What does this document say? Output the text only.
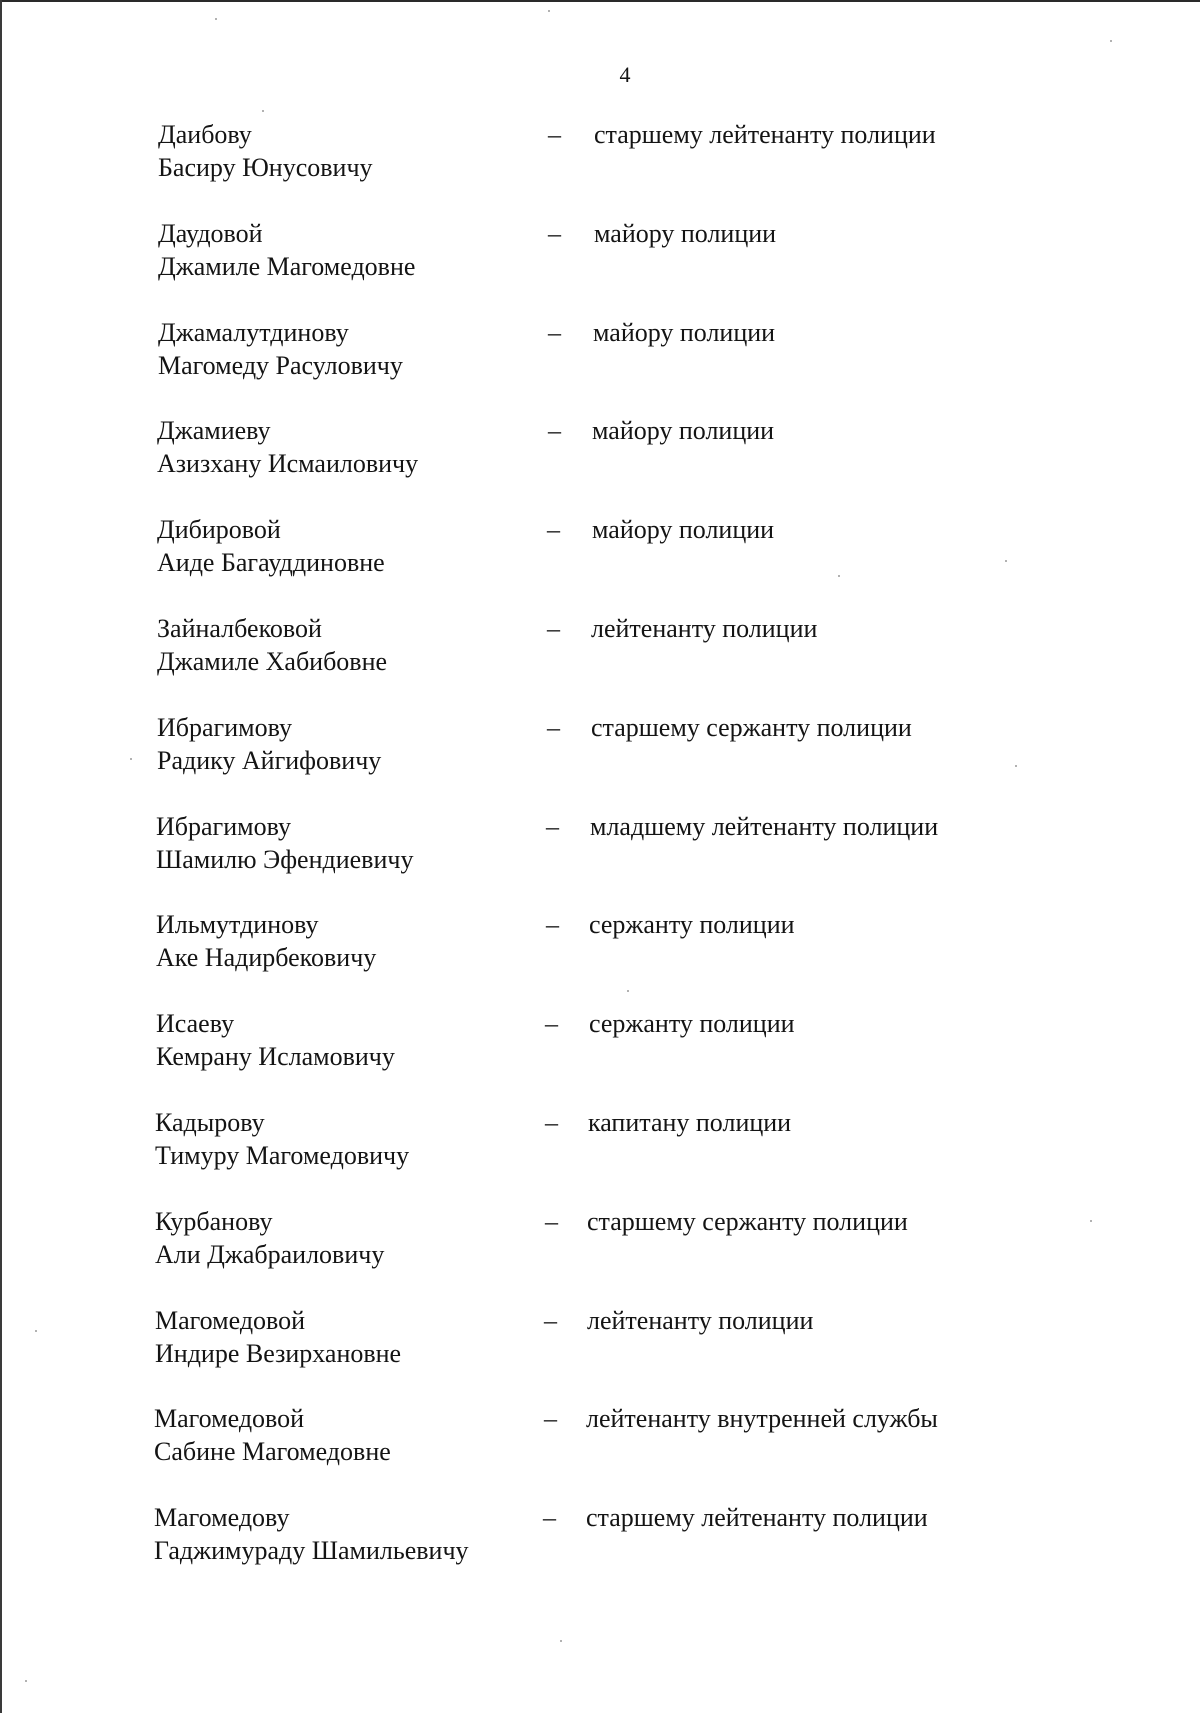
4
Даибову
Басиру Юнусовичу
– старшему лейтенанту полиции
Даудовой
Джамиле Магомедовне
– майору полиции
Джамалутдинову
Магомеду Расуловичу
– майору полиции
Джамиеву
Азизхану Исмаиловичу
– майору полиции
Дибировой
Аиде Багауддиновне
– майору полиции
Зайналбековой
Джамиле Хабибовне
– лейтенанту полиции
Ибрагимову
Радику Айгифовичу
– старшему сержанту полиции
Ибрагимову
Шамилю Эфендиевичу
– младшему лейтенанту полиции
Ильмутдинову
Аке Надирбековичу
– сержанту полиции
Исаеву
Кемрану Исламовичу
– сержанту полиции
Кадырову
Тимуру Магомедовичу
– капитану полиции
Курбанову
Али Джабраиловичу
– старшему сержанту полиции
Магомедовой
Индире Везирхановне
– лейтенанту полиции
Магомедовой
Сабине Магомедовне
– лейтенанту внутренней службы
Магомедову
Гаджимураду Шамильевичу
– старшему лейтенанту полиции
